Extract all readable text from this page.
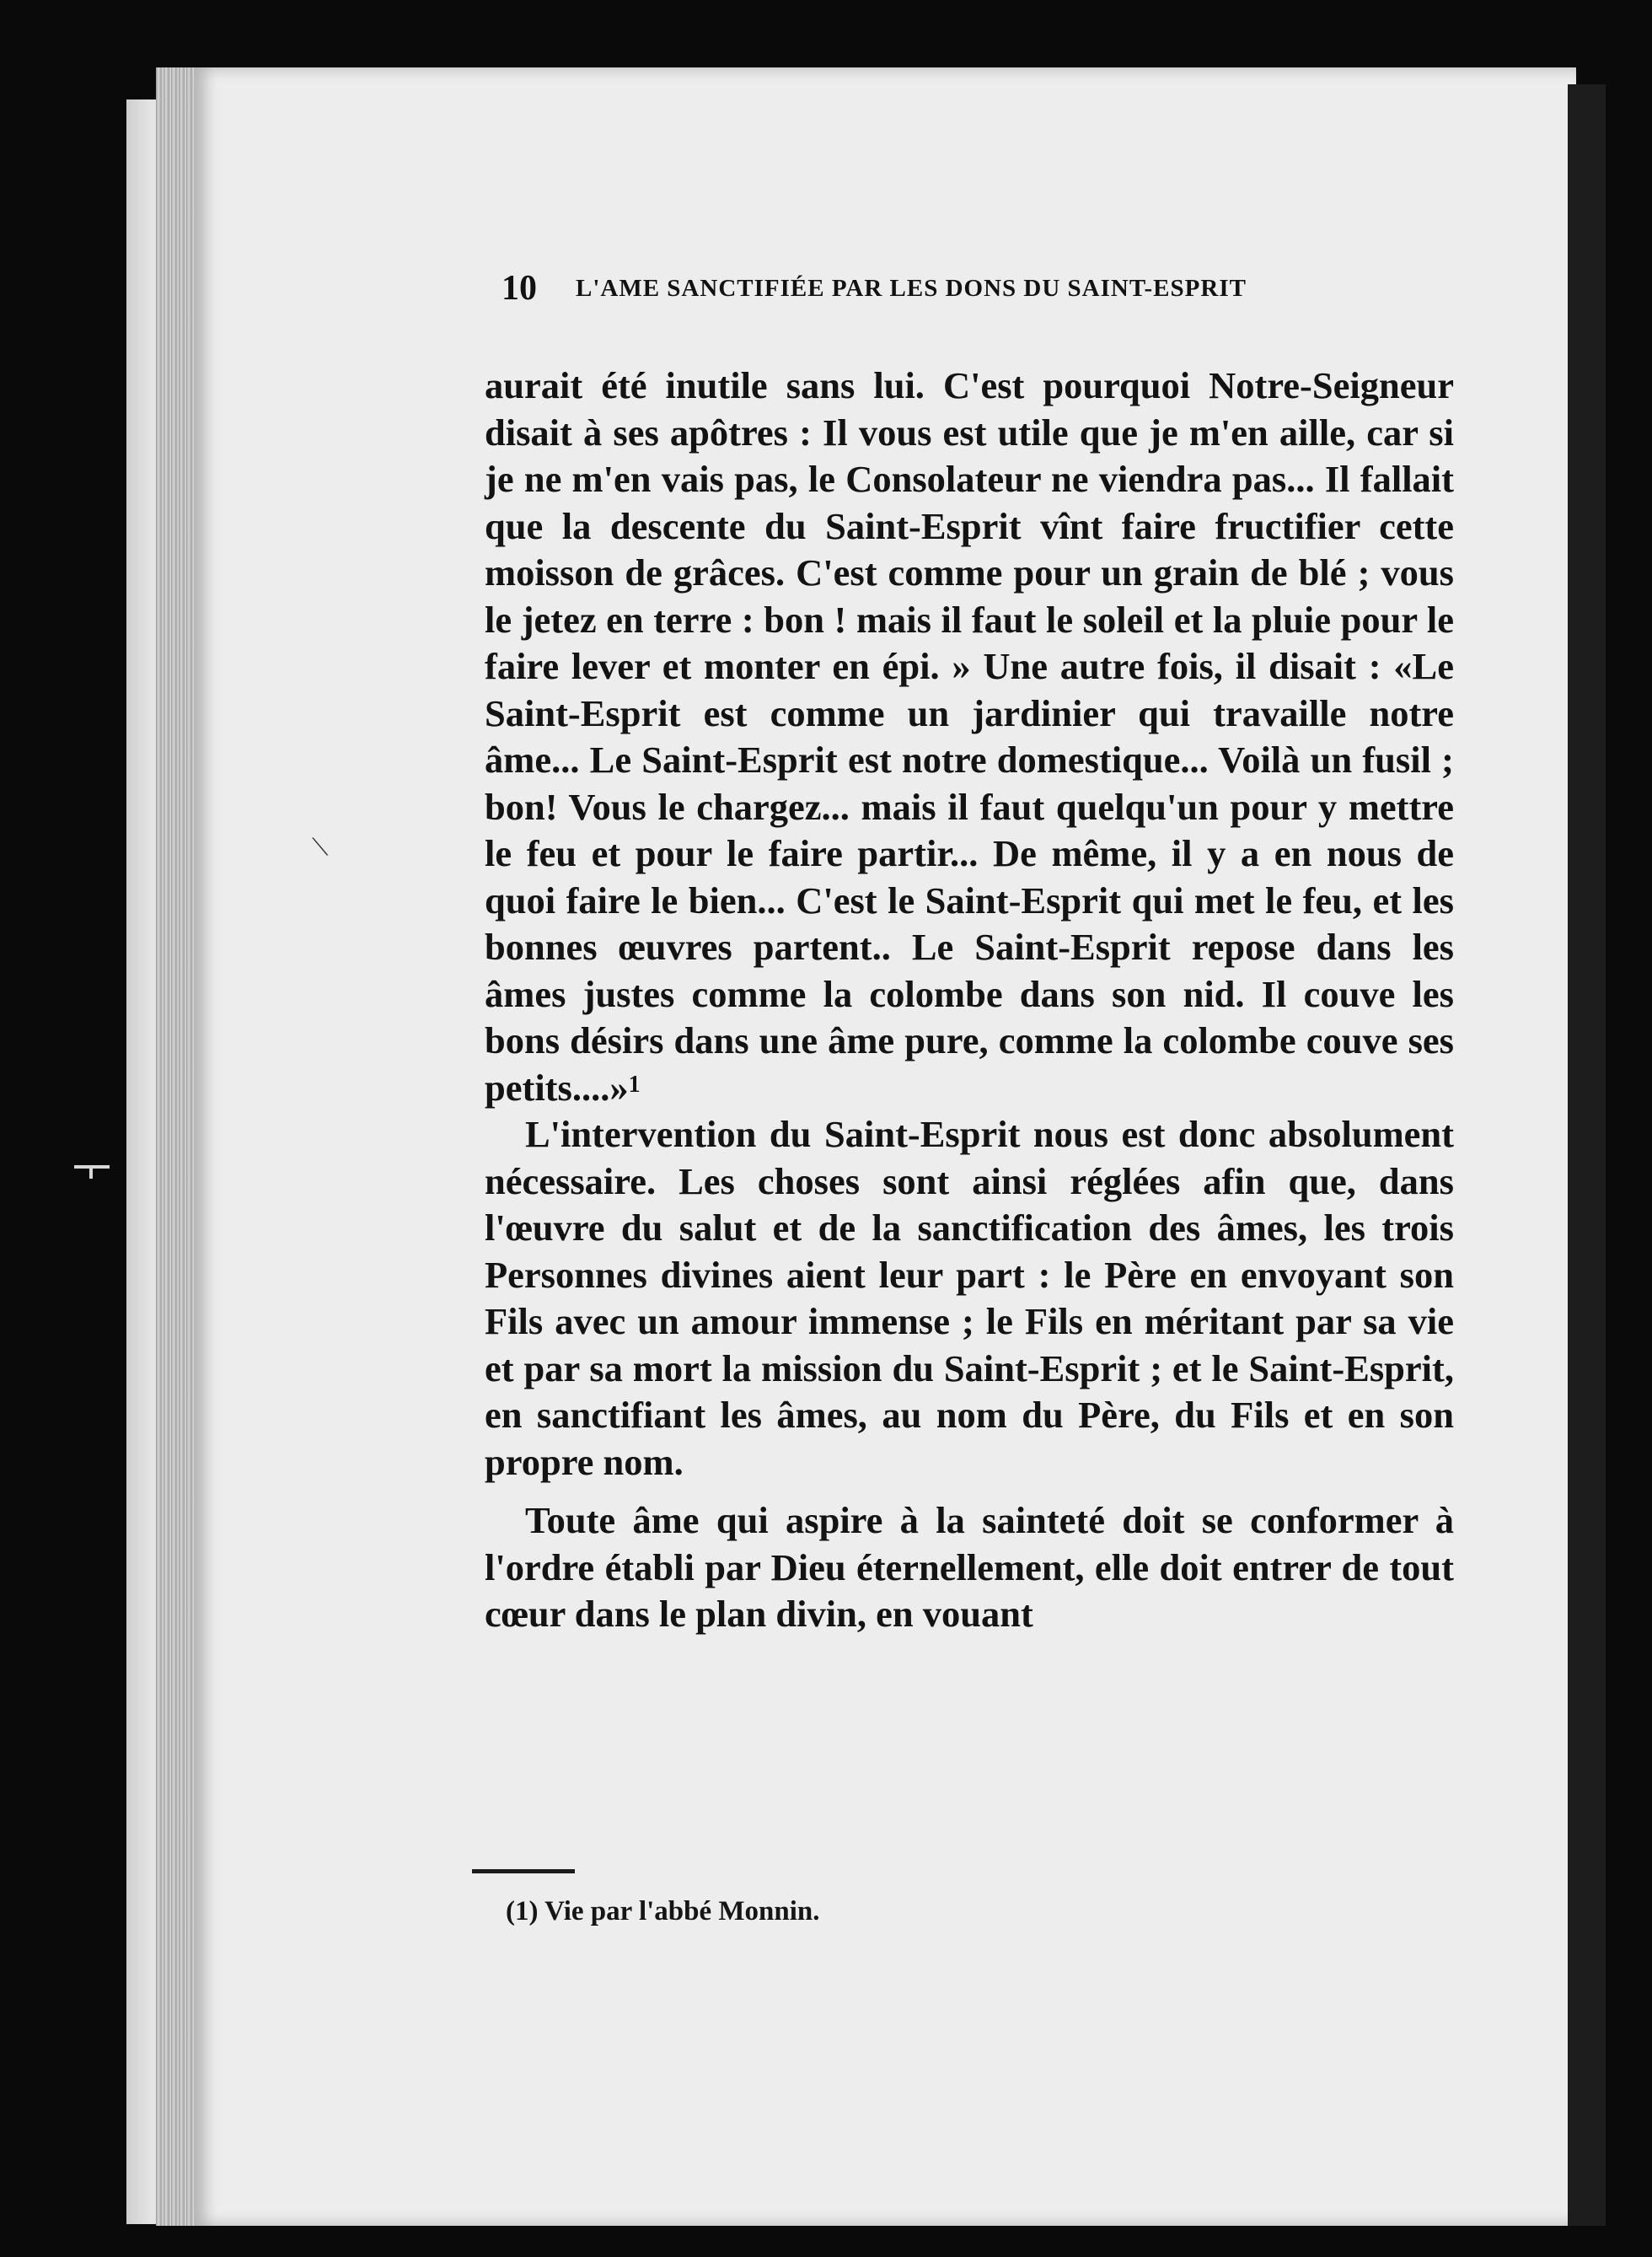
⟍
10 L'AME SANCTIFIÉE PAR LES DONS DU SAINT-ESPRIT

aurait été inutile sans lui. C'est pourquoi Notre-Seigneur disait à ses apôtres : Il vous est utile que je m'en aille, car si je ne m'en vais pas, le Consolateur ne viendra pas... Il fallait que la descente du Saint-Esprit vînt faire fructifier cette moisson de grâces. C'est comme pour un grain de blé ; vous le jetez en terre : bon ! mais il faut le soleil et la pluie pour le faire lever et monter en épi. » Une autre fois, il disait : «Le Saint-Esprit est comme un jardinier qui travaille notre âme... Le Saint-Esprit est notre domestique... Voilà un fusil ; bon! Vous le chargez... mais il faut quelqu'un pour y mettre le feu et pour le faire partir... De même, il y a en nous de quoi faire le bien... C'est le Saint-Esprit qui met le feu, et les bonnes œuvres partent.. Le Saint-Esprit repose dans les âmes justes comme la colombe dans son nid. Il couve les bons désirs dans une âme pure, comme la colombe couve ses petits....»$^1$

L'intervention du Saint-Esprit nous est donc absolument nécessaire. Les choses sont ainsi réglées afin que, dans l'œuvre du salut et de la sanctification des âmes, les trois Personnes divines aient leur part : le Père en envoyant son Fils avec un amour immense ; le Fils en méritant par sa vie et par sa mort la mission du Saint-Esprit ; et le Saint-Esprit, en sanctifiant les âmes, au nom du Père, du Fils et en son propre nom.

Toute âme qui aspire à la sainteté doit se conformer à l'ordre établi par Dieu éternellement, elle doit entrer de tout cœur dans le plan divin, en vouant

(1) Vie par l'abbé Monnin.
